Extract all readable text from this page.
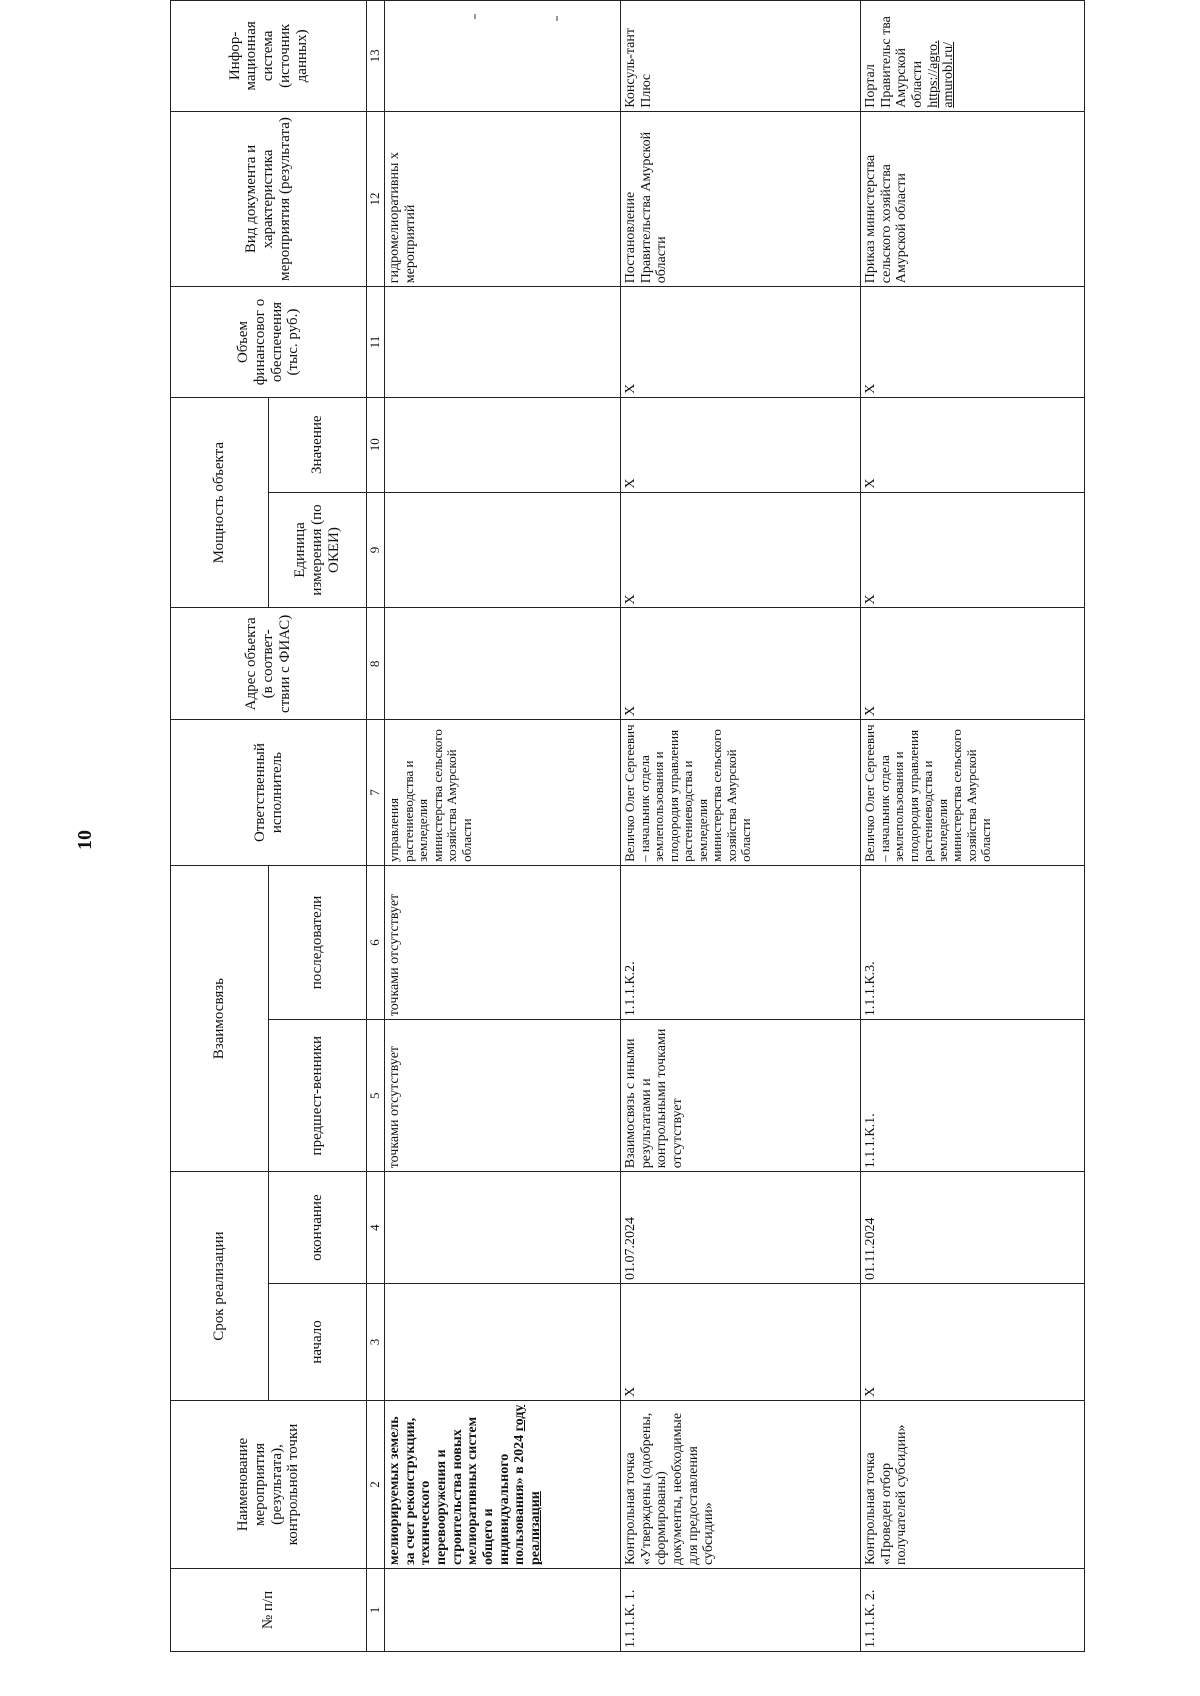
10
№ п/п	Наименование мероприятия (результата), контрольной точки	Срок реализации		Взаимосвязь		Ответственный исполнитель	Адрес объекта (в соответ-ствии с ФИАС)	Мощность объекта		Объем финансовог о обеспечения (тыс. руб.)	Вид документа и характеристика мероприятия (результата)	Инфор-мационная система (источник данных)
		начало	окончание	предшест-венники	последователи			Единица измерения (по ОКЕИ)	Значение			
1	2	3	4	5	6	7	8	9	10	11	12	13
	мелиорируемых земель за счет реконструкции, технического перевооружения и строительства новых мелиоративных систем общего и индивидуального пользования» в 2024 году реализации			точками отсутствует	точками отсутствует	управления растениеводства и земледелия министерства сельского хозяйства Амурской области					гидромелиоративны х мероприятий	
1.1.1.К. 1.	Контрольная точка «Утверждены (одобрены, сформированы) документы, необходимые для предоставления субсидии»	X	01.07.2024	Взаимосвязь с иными результатами и контрольными точками отсутствует	1.1.1.К.2.	Величко Олег Сергеевич – начальник отдела землепользования и плодородия управления растениеводства и земледелия министерства сельского хозяйства Амурской области	X	X	X	X	Постановление Правительства Амурской области	Консуль-тант Плюс
1.1.1.К. 2.	Контрольная точка «Проведен отбор получателей субсидии»	X	01.11.2024	1.1.1.К.1.	1.1.1.К.3.	Величко Олег Сергеевич – начальник отдела землепользования и плодородия управления растениеводства и земледелия министерства сельского хозяйства Амурской области	X	X	X	X	Приказ министерства сельского хозяйства Амурской области	Портал Правительс тва Амурской области https://agro. amurobl.ru/
